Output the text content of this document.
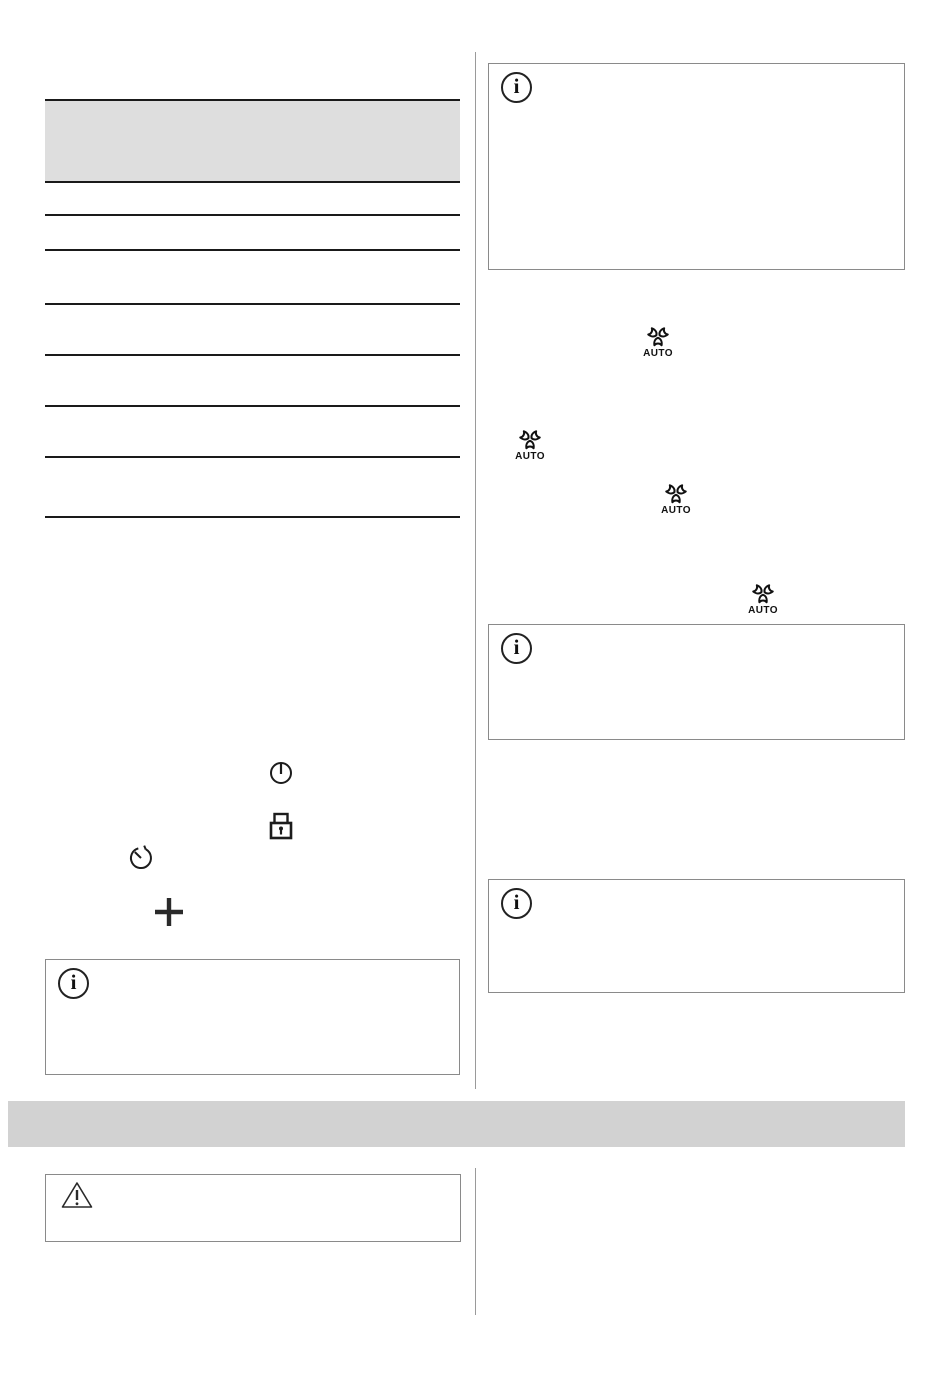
i
i
i
i
AUTO
AUTO
AUTO
AUTO
